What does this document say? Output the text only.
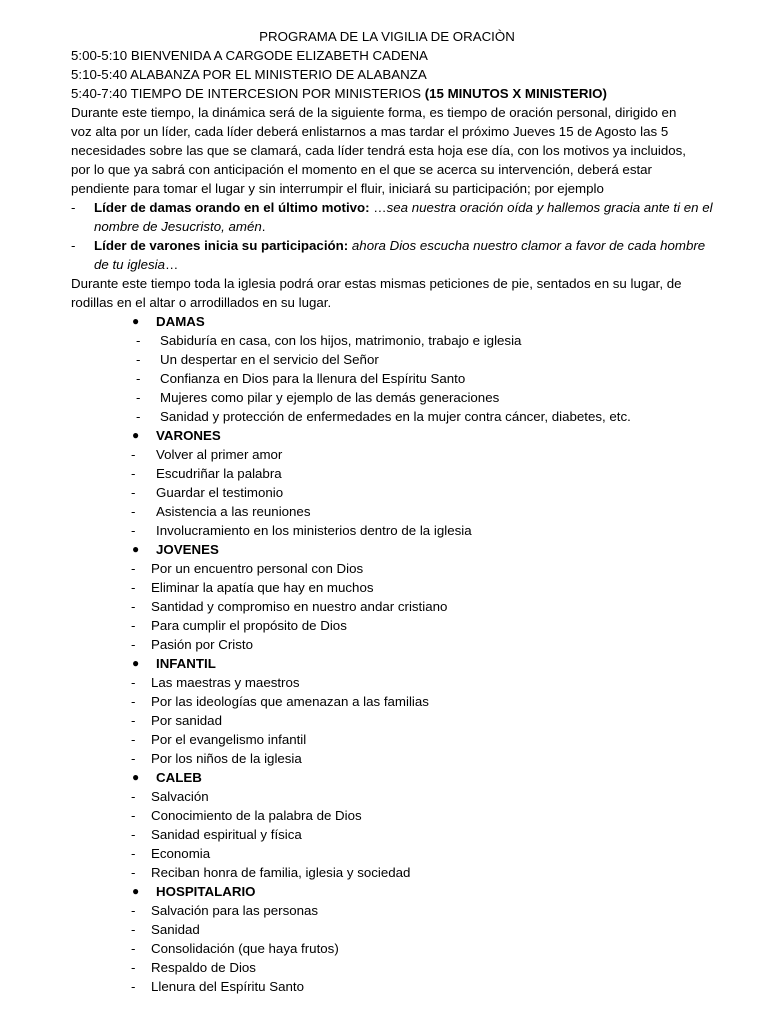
PROGRAMA DE LA VIGILIA DE ORACIÒN
5:00-5:10 BIENVENIDA A CARGODE ELIZABETH CADENA
5:10-5:40 ALABANZA POR EL MINISTERIO DE ALABANZA
5:40-7:40 TIEMPO DE INTERCESION POR MINISTERIOS (15 MINUTOS X MINISTERIO)
Durante este tiempo, la dinámica será de la siguiente forma, es tiempo de oración personal, dirigido en
voz alta por un líder, cada líder deberá enlistarnos a mas tardar el próximo Jueves 15 de Agosto las 5
necesidades sobre las que se clamará, cada líder tendrá esta hoja ese día, con los motivos ya incluidos,
por lo que ya sabrá con anticipación el momento en el que se acerca su intervención, deberá estar
pendiente para tomar el lugar y sin interrumpir el fluir, iniciará su participación; por ejemplo
- Líder de damas orando en el último motivo: …sea nuestra oración oída y hallemos gracia ante ti en el
nombre de Jesucristo, amén.
- Líder de varones inicia su participación: ahora Dios escucha nuestro clamor a favor de cada hombre
de tu iglesia…
Durante este tiempo toda la iglesia podrá orar estas mismas peticiones de pie, sentados en su lugar, de
rodillas en el altar o arrodillados en su lugar.
● DAMAS
- Sabiduría en casa, con los hijos, matrimonio, trabajo e iglesia
- Un despertar en el servicio del Señor
- Confianza en Dios para la llenura del Espíritu Santo
- Mujeres como pilar y ejemplo de las demás generaciones
- Sanidad y protección de enfermedades en la mujer contra cáncer, diabetes, etc.
● VARONES
- Volver al primer amor
- Escudriñar la palabra
- Guardar el testimonio
- Asistencia a las reuniones
- Involucramiento en los ministerios dentro de la iglesia
● JOVENES
- Por un encuentro personal con Dios
- Eliminar la apatía que hay en muchos
- Santidad y compromiso en nuestro andar cristiano
- Para cumplir el propósito de Dios
- Pasión por Cristo
● INFANTIL
- Las maestras y maestros
- Por las ideologías que amenazan a las familias
- Por sanidad
- Por el evangelismo infantil
- Por los niños de la iglesia
● CALEB
- Salvación
- Conocimiento de la palabra de Dios
- Sanidad espiritual y física
- Economia
- Reciban honra de familia, iglesia y sociedad
● HOSPITALARIO
- Salvación para las personas
- Sanidad
- Consolidación (que haya frutos)
- Respaldo de Dios
- Llenura del Espíritu Santo
